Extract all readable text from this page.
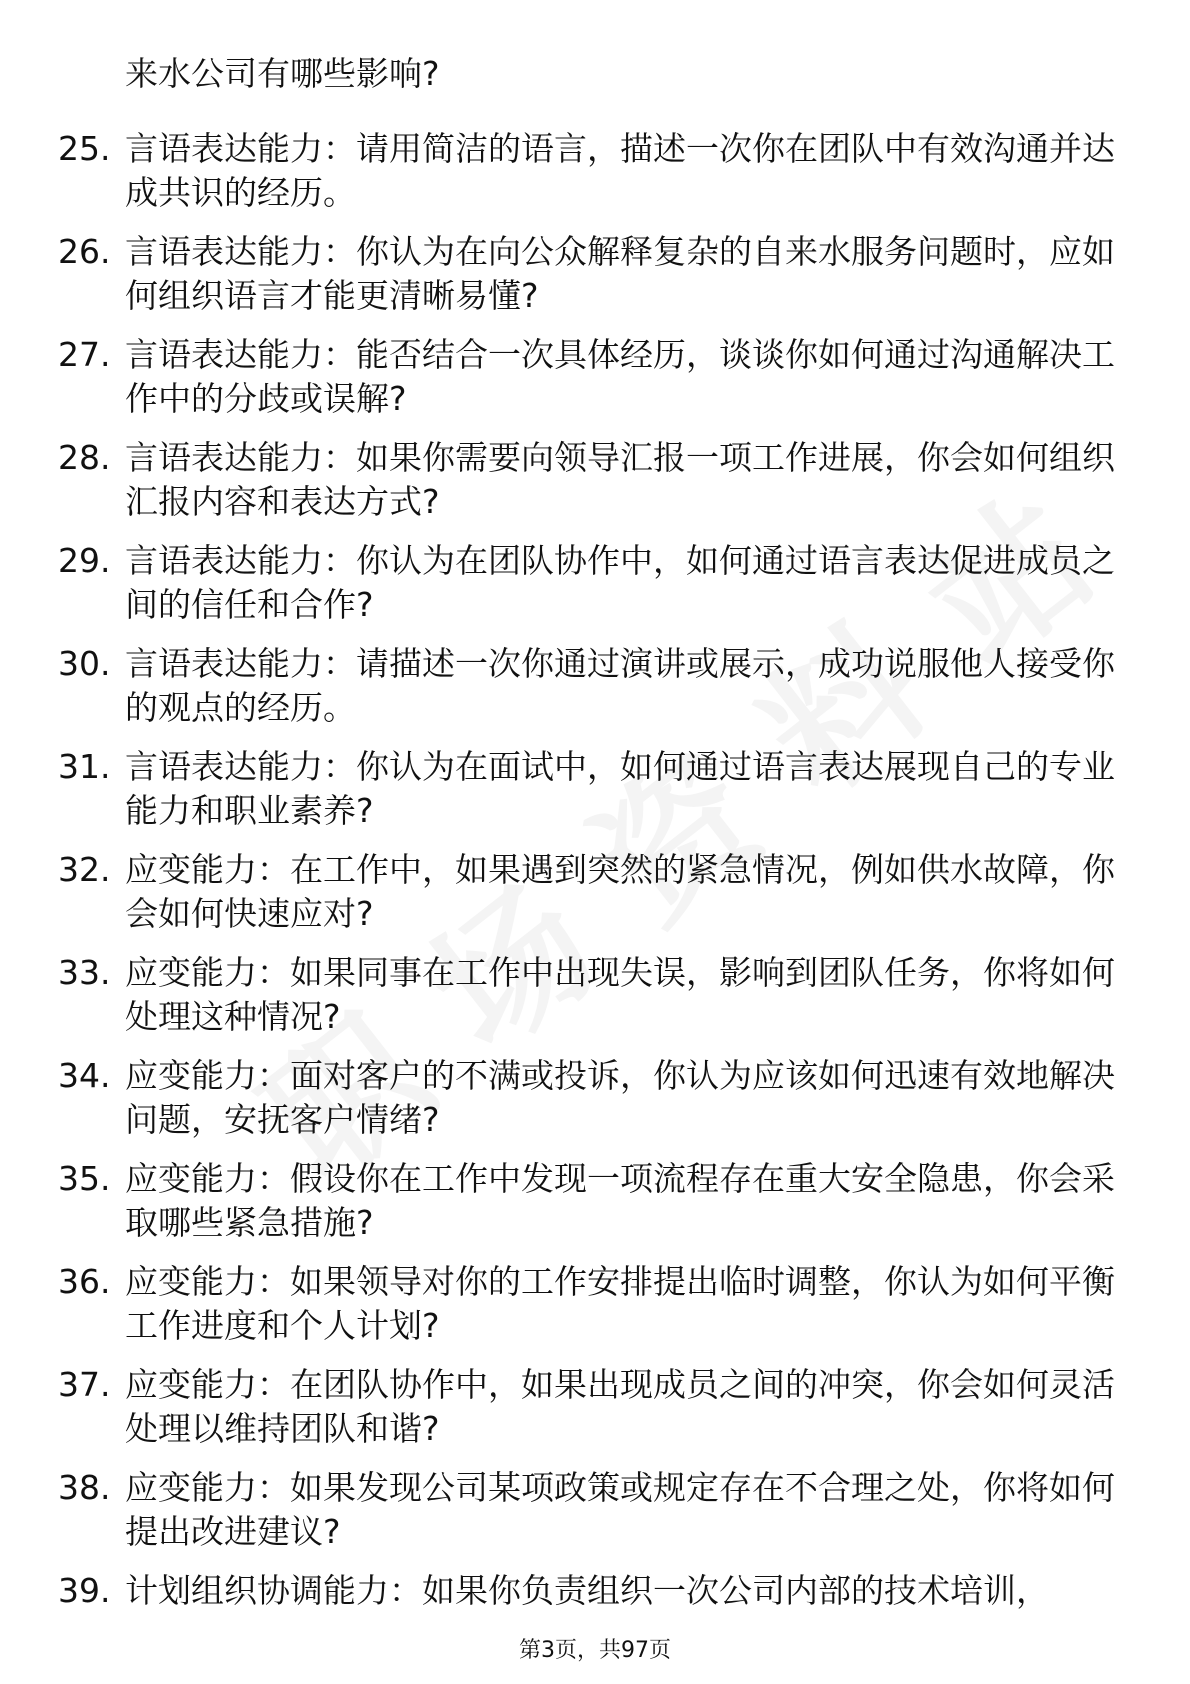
来水公司有哪些影响?
25. 言语表达能力：请用简洁的语言，描述一次你在团队中有效沟通并达成共识的经历。
26. 言语表达能力：你认为在向公众解释复杂的自来水服务问题时，应如何组织语言才能更清晰易懂?
27. 言语表达能力：能否结合一次具体经历，谈谈你如何通过沟通解决工作中的分歧或误解?
28. 言语表达能力：如果你需要向领导汇报一项工作进展，你会如何组织汇报内容和表达方式?
29. 言语表达能力：你认为在团队协作中，如何通过语言表达促进成员之间的信任和合作?
30. 言语表达能力：请描述一次你通过演讲或展示，成功说服他人接受你的观点的经历。
31. 言语表达能力：你认为在面试中，如何通过语言表达展现自己的专业能力和职业素养?
32. 应变能力：在工作中，如果遇到突然的紧急情况，例如供水故障，你会如何快速应对?
33. 应变能力：如果同事在工作中出现失误，影响到团队任务，你将如何处理这种情况?
34. 应变能力：面对客户的不满或投诉，你认为应该如何迅速有效地解决问题，安抚客户情绪?
35. 应变能力：假设你在工作中发现一项流程存在重大安全隐患，你会采取哪些紧急措施?
36. 应变能力：如果领导对你的工作安排提出临时调整，你认为如何平衡工作进度和个人计划?
37. 应变能力：在团队协作中，如果出现成员之间的冲突，你会如何灵活处理以维持团队和谐?
38. 应变能力：如果发现公司某项政策或规定存在不合理之处，你将如何提出改进建议?
39. 计划组织协调能力：如果你负责组织一次公司内部的技术培训，
第3页，共97页
